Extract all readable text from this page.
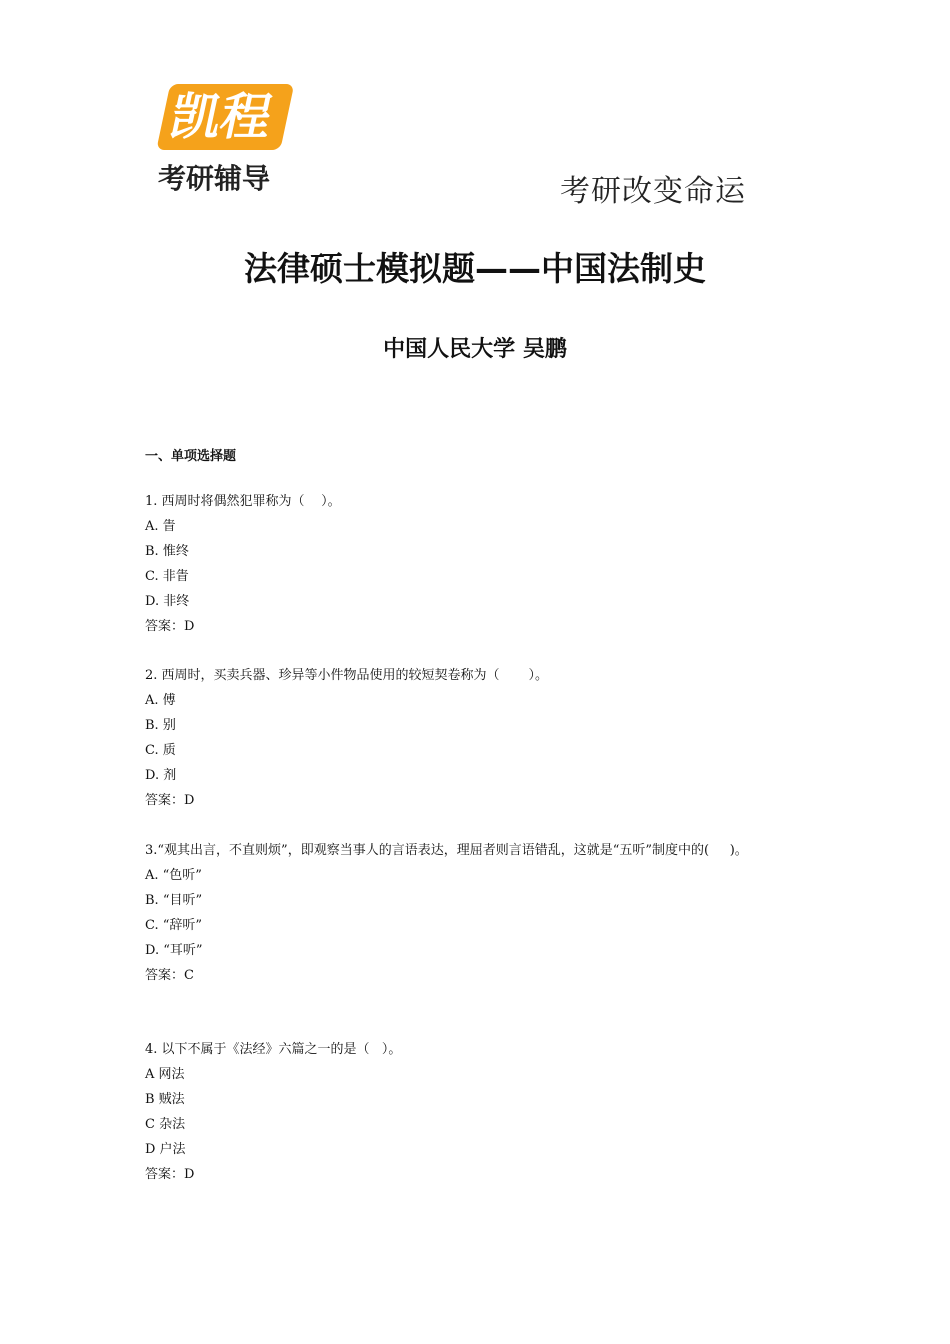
凯程
考研辅导	考研改变命运
法律硕士模拟题——中国法制史
中国人民大学 吴鹏
一、单项选择题
1. 西周时将偶然犯罪称为（    ）。
A. 眚
B. 惟终
C. 非眚
D. 非终
答案：D
2. 西周时，买卖兵器、珍异等小件物品使用的较短契卷称为（       ）。
A. 傅
B. 别
C. 质
D. 剂
答案：D
3.“观其出言，不直则烦”，即观察当事人的言语表达，理屈者则言语错乱，这就是“五听”制度中的(     )。
A. “色听”
B. “目听”
C. “辞听”
D. “耳听”
答案：C
4. 以下不属于《法经》六篇之一的是（   ）。
A 网法
B 贼法
C 杂法
D 户法
答案：D
